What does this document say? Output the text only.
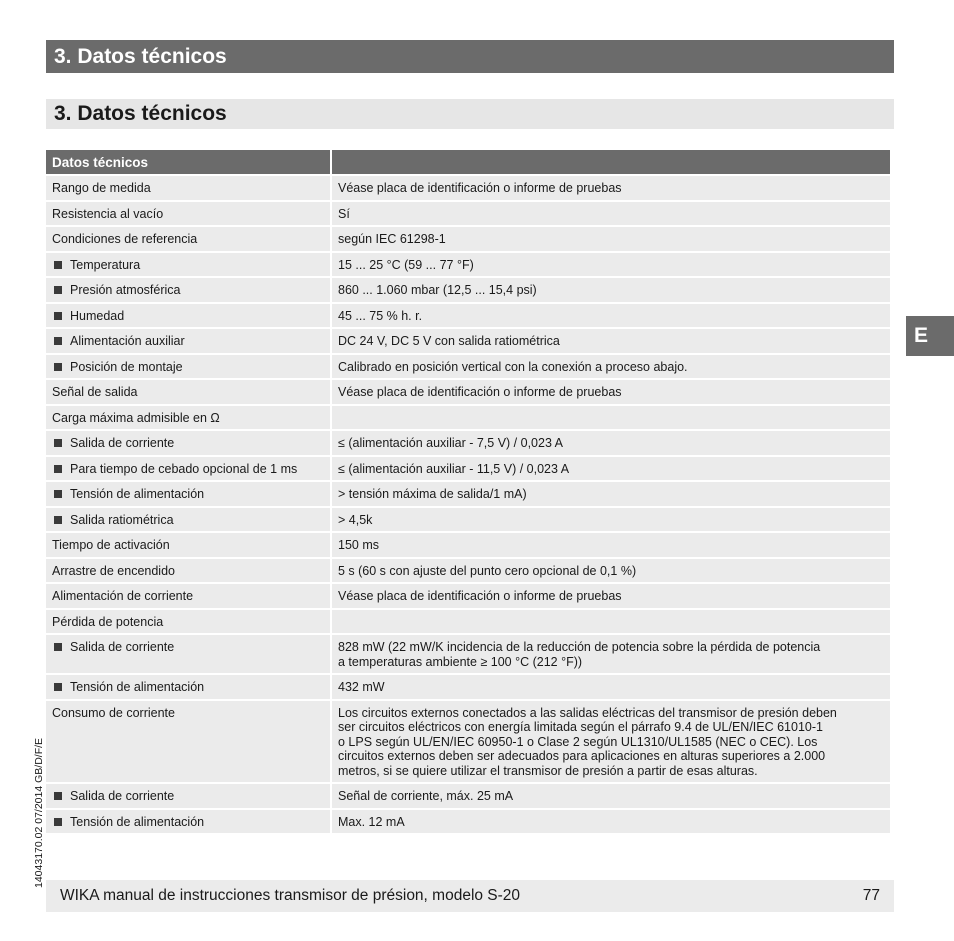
3. Datos técnicos
3. Datos técnicos
Datos técnicos	
Rango de medida	Véase placa de identificación o informe de pruebas
Resistencia al vacío	Sí
Condiciones de referencia	según IEC 61298-1
Temperatura	15 ... 25 °C (59 ... 77 °F)
Presión atmosférica	860 ... 1.060 mbar (12,5 ... 15,4 psi)
Humedad	45 ... 75 % h. r.
Alimentación auxiliar	DC 24 V, DC 5 V con salida ratiométrica
Posición de montaje	Calibrado en posición vertical con la conexión a proceso abajo.
Señal de salida	Véase placa de identificación o informe de pruebas
Carga máxima admisible en Ω	
Salida de corriente	≤ (alimentación auxiliar - 7,5 V) / 0,023 A
Para tiempo de cebado opcional de 1 ms	≤ (alimentación auxiliar - 11,5 V) / 0,023 A
Tensión de alimentación	> tensión máxima de salida/1 mA)
Salida ratiométrica	> 4,5k
Tiempo de activación	150 ms
Arrastre de encendido	5 s (60 s con ajuste del punto cero opcional de 0,1 %)
Alimentación de corriente	Véase placa de identificación o informe de pruebas
Pérdida de potencia	
Salida de corriente	828 mW (22 mW/K incidencia de la reducción de potencia sobre la pérdida de potencia
a temperaturas ambiente ≥ 100 °C (212 °F))
Tensión de alimentación	432 mW
Consumo de corriente	Los circuitos externos conectados a las salidas eléctricas del transmisor de presión deben
ser circuitos eléctricos con energía limitada según el párrafo 9.4 de UL/EN/IEC 61010-1
o LPS según UL/EN/IEC 60950-1 o Clase 2 según UL1310/UL1585 (NEC o CEC). Los
circuitos externos deben ser adecuados para aplicaciones en alturas superiores a 2.000
metros, si se quiere utilizar el transmisor de presión a partir de esas alturas.
Salida de corriente	Señal de corriente, máx. 25 mA
Tensión de alimentación	Max. 12 mA
E
14043170.02 07/2014 GB/D/F/E
WIKA manual de instrucciones transmisor de présion, modelo S-20	77
